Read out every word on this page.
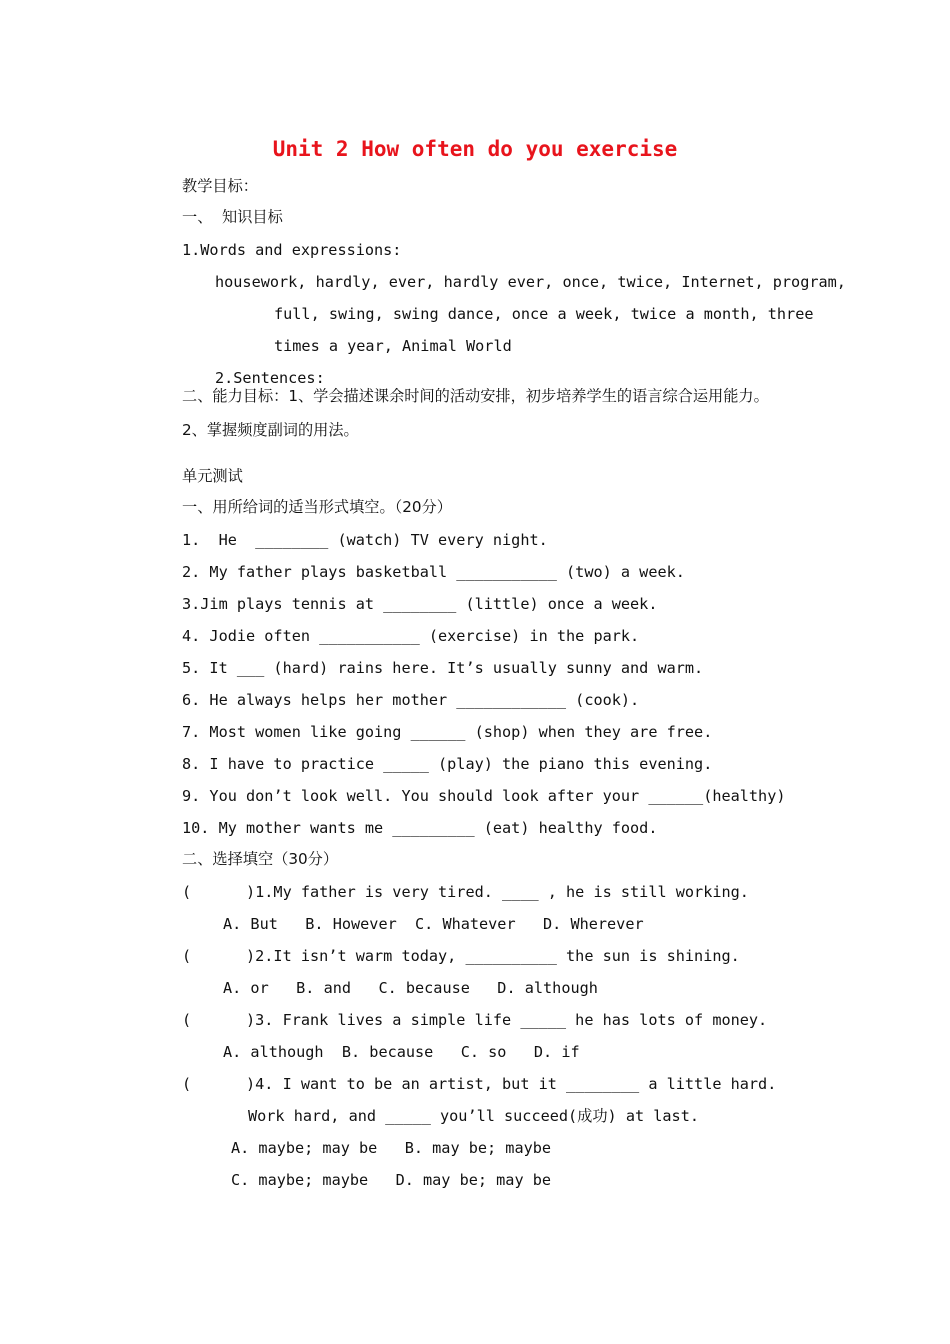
Unit 2 How often do you exercise
教学目标：
一、  知识目标
1.Words and expressions:
housework, hardly, ever, hardly ever, once, twice, Internet, program,
full, swing, swing dance, once a week, twice a month, three
times a year, Animal World
2.Sentences:
二、能力目标：1、学会描述课余时间的活动安排，初步培养学生的语言综合运用能力。
2、掌握频度副词的用法。
单元测试
一、用所给词的适当形式填空。（20分）
1.  He  ________ (watch) TV every night.
2. My father plays basketball ___________ (two) a week.
3.Jim plays tennis at ________ (little) once a week.
4. Jodie often ___________ (exercise) in the park.
5. It ___ (hard) rains here. It’s usually sunny and warm.
6. He always helps her mother ____________ (cook).
7. Most women like going ______ (shop) when they are free.
8. I have to practice _____ (play) the piano this evening.
9. You don’t look well. You should look after your ______(healthy)
10. My mother wants me _________ (eat) healthy food.
二、选择填空（30分）
(      )1.My father is very tired. ____ , he is still working.
A. But   B. However  C. Whatever   D. Wherever
(      )2.It isn’t warm today, __________ the sun is shining.
A. or   B. and   C. because   D. although
(      )3. Frank lives a simple life _____ he has lots of money.
A. although  B. because   C. so   D. if
(      )4. I want to be an artist, but it ________ a little hard.
Work hard, and _____ you’ll succeed(成功) at last.
A. maybe; may be   B. may be; maybe
C. maybe; maybe   D. may be; may be
